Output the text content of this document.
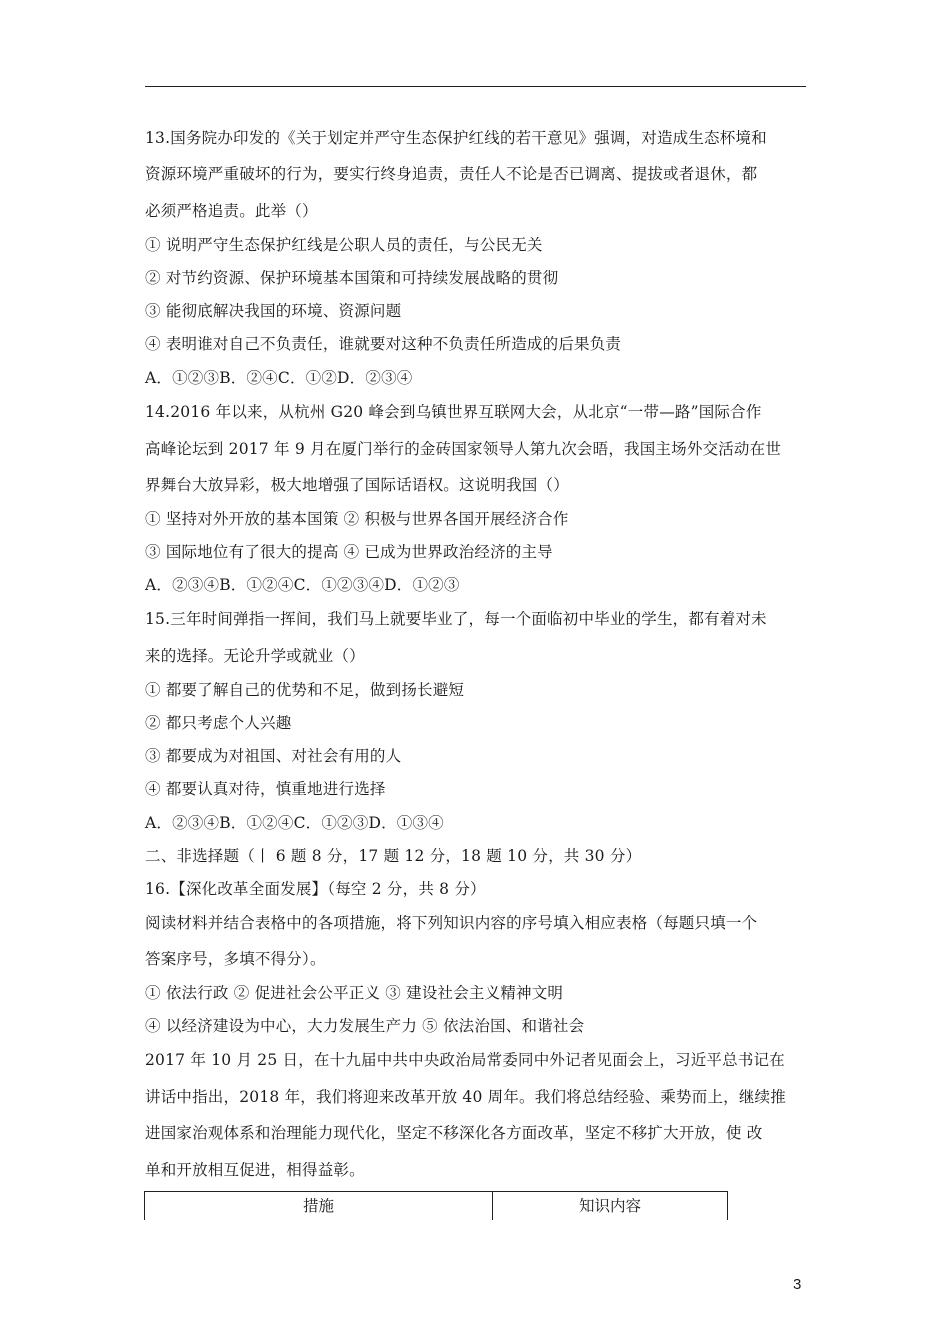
13.国务院办印发的《关于划定并严守生态保护红线的若干意见》强调，对造成生态杯境和
资源环境严重破坏的行为，要实行终身追责，责任人不论是否已调离、提拔或者退休，都
必须严格追责。此举（）
① 说明严守生态保护红线是公职人员的责任，与公民无关
② 对节约资源、保护环境基本国策和可持续发展战略的贯彻
③ 能彻底解决我国的环境、资源问题
④ 表明谁对自己不负责任，谁就要对这种不负责任所造成的后果负责
A．①②③B．②④C．①②D．②③④
14.2016 年以来，从杭州 G20 峰会到乌镇世界互联网大会，从北京“一带—路”国际合作
高峰论坛到 2017 年 9 月在厦门举行的金砖国家领导人第九次会晤，我国主场外交活动在世
界舞台大放异彩，极大地增强了国际话语权。这说明我国（）
① 坚持对外开放的基本国策 ② 积极与世界各国开展经济合作
③ 国际地位有了很大的提高 ④ 已成为世界政治经济的主导
A．②③④B．①②④C．①②③④D．①②③
15.三年时间弹指一挥间，我们马上就要毕业了，每一个面临初中毕业的学生，都有着对未
来的选择。无论升学或就业（）
① 都要了解自己的优势和不足，做到扬长避短
② 都只考虑个人兴趣
③ 都要成为对祖国、对社会有用的人
④ 都要认真对待，慎重地进行选择
A．②③④B．①②④C．①②③D．①③④
二、非选择题（丨 6 题 8 分，17 题 12 分，18 题 10 分，共 30 分）
16.【深化改革全面发展】（每空 2 分，共 8 分）
阅读材料并结合表格中的各项措施，将下列知识内容的序号填入相应表格（每题只填一个
答案序号，多填不得分）。
① 依法行政 ② 促进社会公平正义 ③ 建设社会主义精神文明
④ 以经济建设为中心，大力发展生产力 ⑤ 依法治国、和谐社会
2017 年 10 月 25 日，在十九届中共中央政治局常委同中外记者见面会上，习近平总书记在
讲话中指出，2018 年，我们将迎来改革开放 40 周年。我们将总结经验、乘势而上，继续推
进国家治观体系和治理能力现代化，坚定不移深化各方面改革，坚定不移扩大开放，使 改
单和开放相互促进，相得益彰。
措施	知识内容
3
